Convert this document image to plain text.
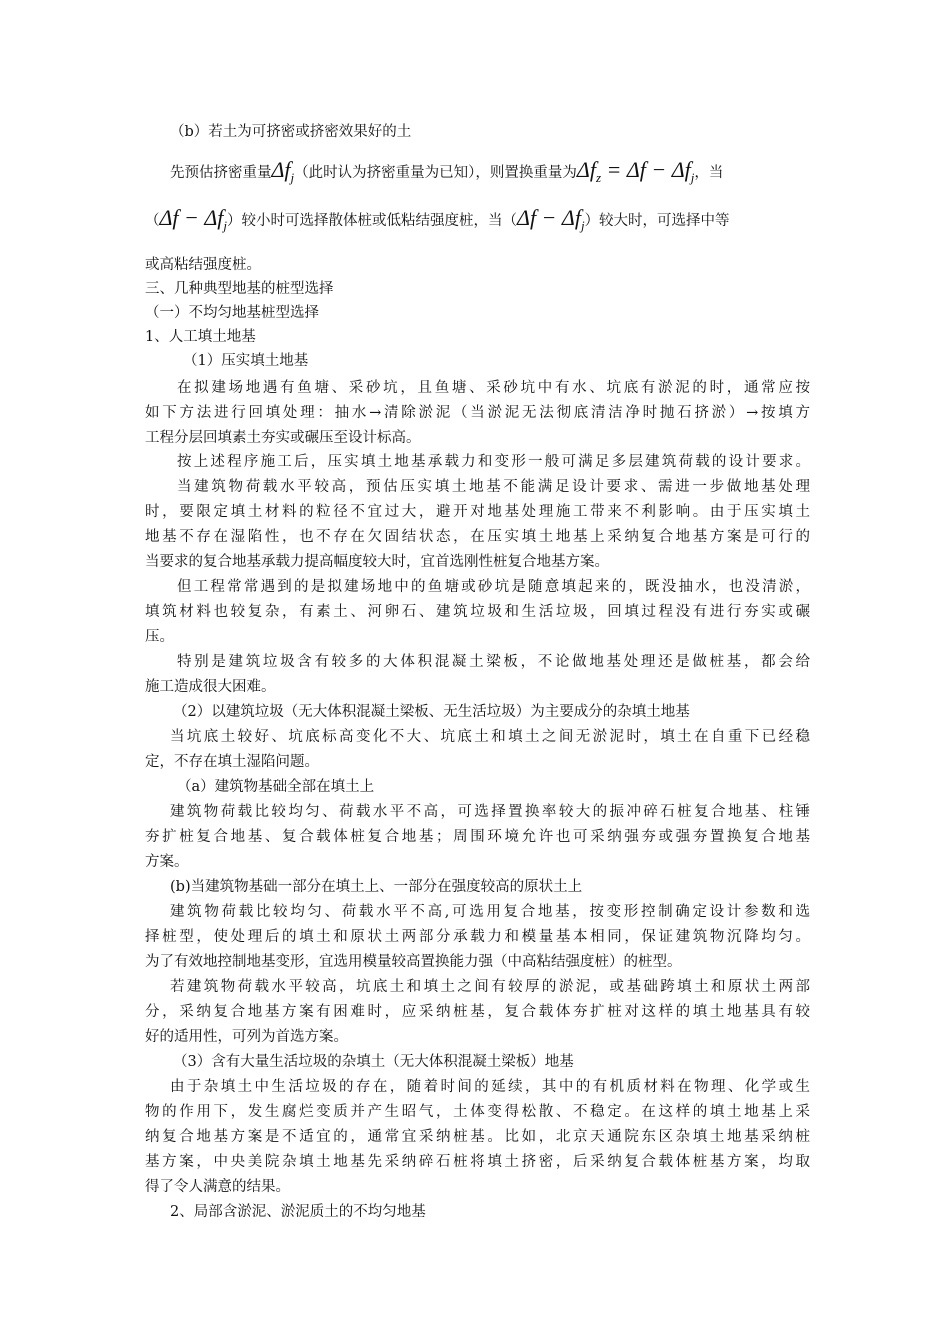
（b）若土为可挤密或挤密效果好的土
先预估挤密重量Δfj（此时认为挤密重量为已知），则置换重量为Δfz = Δf − Δfj，当
（Δf − Δfj）较小时可选择散体桩或低粘结强度桩，当（Δf − Δfj）较大时，可选择中等
或高粘结强度桩。
三、几种典型地基的桩型选择
（一）不均匀地基桩型选择
1、人工填土地基
（1）压实填土地基
在拟建场地遇有鱼塘、采砂坑，且鱼塘、采砂坑中有水、坑底有淤泥的时，通常应按
如下方法进行回填处理：抽水→清除淤泥（当淤泥无法彻底清洁净时抛石挤淤）→按填方
工程分层回填素土夯实或碾压至设计标高。
按上述程序施工后，压实填土地基承载力和变形一般可满足多层建筑荷载的设计要求。
当建筑物荷载水平较高，预估压实填土地基不能满足设计要求、需进一步做地基处理
时，要限定填土材料的粒径不宜过大，避开对地基处理施工带来不利影响。由于压实填土
地基不存在湿陷性，也不存在欠固结状态，在压实填土地基上采纳复合地基方案是可行的
当要求的复合地基承载力提高幅度较大时，宜首选刚性桩复合地基方案。
但工程常常遇到的是拟建场地中的鱼塘或砂坑是随意填起来的，既没抽水，也没清淤，
填筑材料也较复杂，有素土、河卵石、建筑垃圾和生活垃圾，回填过程没有进行夯实或碾
压。
特别是建筑垃圾含有较多的大体积混凝土梁板，不论做地基处理还是做桩基，都会给
施工造成很大困难。
（2）以建筑垃圾（无大体积混凝土梁板、无生活垃圾）为主要成分的杂填土地基
当坑底土较好、坑底标高变化不大、坑底土和填土之间无淤泥时，填土在自重下已经稳
定，不存在填土湿陷问题。
（a）建筑物基础全部在填土上
建筑物荷载比较均匀、荷载水平不高，可选择置换率较大的振冲碎石桩复合地基、柱锤
夯扩桩复合地基、复合载体桩复合地基；周围环境允许也可采纳强夯或强夯置换复合地基
方案。
(b)当建筑物基础一部分在填土上、一部分在强度较高的原状土上
建筑物荷载比较均匀、荷载水平不高,可选用复合地基，按变形控制确定设计参数和选
择桩型，使处理后的填土和原状土两部分承载力和模量基本相同，保证建筑物沉降均匀。
为了有效地控制地基变形，宜选用模量较高置换能力强（中高粘结强度桩）的桩型。
若建筑物荷载水平较高，坑底土和填土之间有较厚的淤泥，或基础跨填土和原状土两部
分，采纳复合地基方案有困难时，应采纳桩基，复合载体夯扩桩对这样的填土地基具有较
好的适用性，可列为首选方案。
（3）含有大量生活垃圾的杂填土（无大体积混凝土梁板）地基
由于杂填土中生活垃圾的存在，随着时间的延续，其中的有机质材料在物理、化学或生
物的作用下，发生腐烂变质并产生昭气，土体变得松散、不稳定。在这样的填土地基上采
纳复合地基方案是不适宜的，通常宜采纳桩基。比如，北京天通院东区杂填土地基采纳桩
基方案，中央美院杂填土地基先采纳碎石桩将填土挤密，后采纳复合载体桩基方案，均取
得了令人满意的结果。
2、局部含淤泥、淤泥质土的不均匀地基
